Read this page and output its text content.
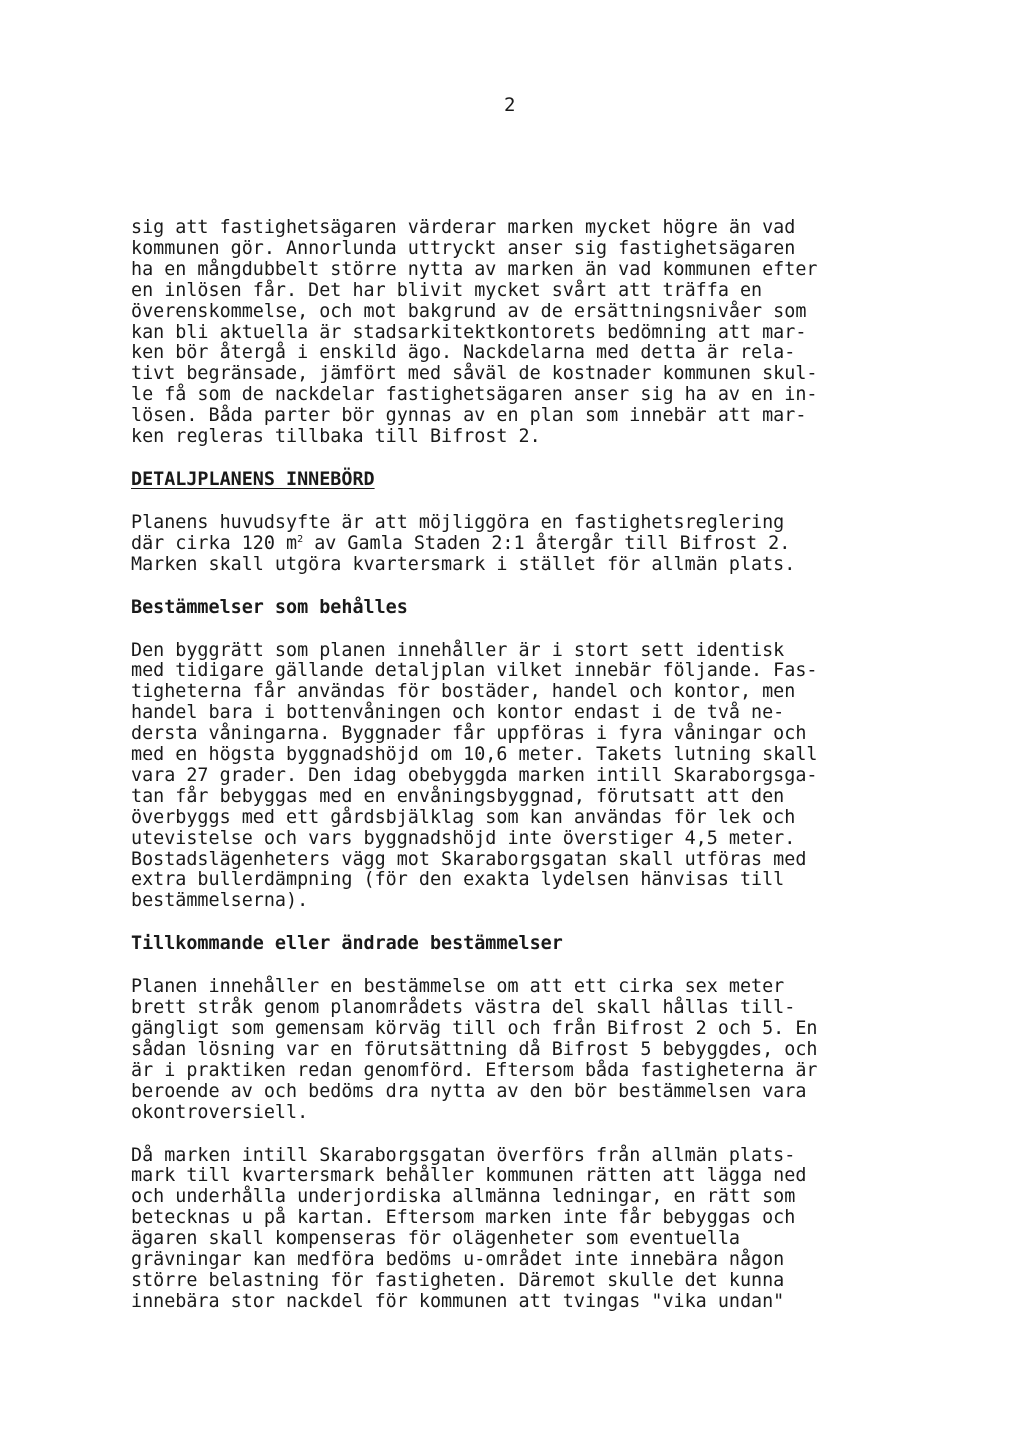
2
sig att fastighetsägaren värderar marken mycket högre än vad
kommunen gör. Annorlunda uttryckt anser sig fastighetsägaren
ha en mångdubbelt större nytta av marken än vad kommunen efter
en inlösen får. Det har blivit mycket svårt att träffa en
överenskommelse, och mot bakgrund av de ersättningsnivåer som
kan bli aktuella är stadsarkitektkontorets bedömning att mar-
ken bör återgå i enskild ägo. Nackdelarna med detta är rela-
tivt begränsade, jämfört med såväl de kostnader kommunen skul-
le få som de nackdelar fastighetsägaren anser sig ha av en in-
lösen. Båda parter bör gynnas av en plan som innebär att mar-
ken regleras tillbaka till Bifrost 2.
DETALJPLANENS INNEBÖRD
Planens huvudsyfte är att möjliggöra en fastighetsreglering
där cirka 120 $m^2$ av Gamla Staden 2:1 återgår till Bifrost 2.
Marken skall utgöra kvartersmark i stället för allmän plats.
Bestämmelser som behålles
Den byggrätt som planen innehåller är i stort sett identisk
med tidigare gällande detaljplan vilket innebär följande. Fas-
tigheterna får användas för bostäder, handel och kontor, men
handel bara i bottenvåningen och kontor endast i de två ne-
dersta våningarna. Byggnader får uppföras i fyra våningar och
med en högsta byggnadshöjd om 10,6 meter. Takets lutning skall
vara 27 grader. Den idag obebyggda marken intill Skaraborgsga-
tan får bebyggas med en envåningsbyggnad, förutsatt att den
överbyggs med ett gårdsbjälklag som kan användas för lek och
utevistelse och vars byggnadshöjd inte överstiger 4,5 meter.
Bostadslägenheters vägg mot Skaraborgsgatan skall utföras med
extra bullerdämpning (för den exakta lydelsen hänvisas till
bestämmelserna).
Tillkommande eller ändrade bestämmelser
Planen innehåller en bestämmelse om att ett cirka sex meter
brett stråk genom planområdets västra del skall hållas till-
gängligt som gemensam körväg till och från Bifrost 2 och 5. En
sådan lösning var en förutsättning då Bifrost 5 bebyggdes, och
är i praktiken redan genomförd. Eftersom båda fastigheterna är
beroende av och bedöms dra nytta av den bör bestämmelsen vara
okontroversiell.
Då marken intill Skaraborgsgatan överförs från allmän plats-
mark till kvartersmark behåller kommunen rätten att lägga ned
och underhålla underjordiska allmänna ledningar, en rätt som
betecknas u på kartan. Eftersom marken inte får bebyggas och
ägaren skall kompenseras för olägenheter som eventuella
grävningar kan medföra bedöms u-området inte innebära någon
större belastning för fastigheten. Däremot skulle det kunna
innebära stor nackdel för kommunen att tvingas "vika undan"
